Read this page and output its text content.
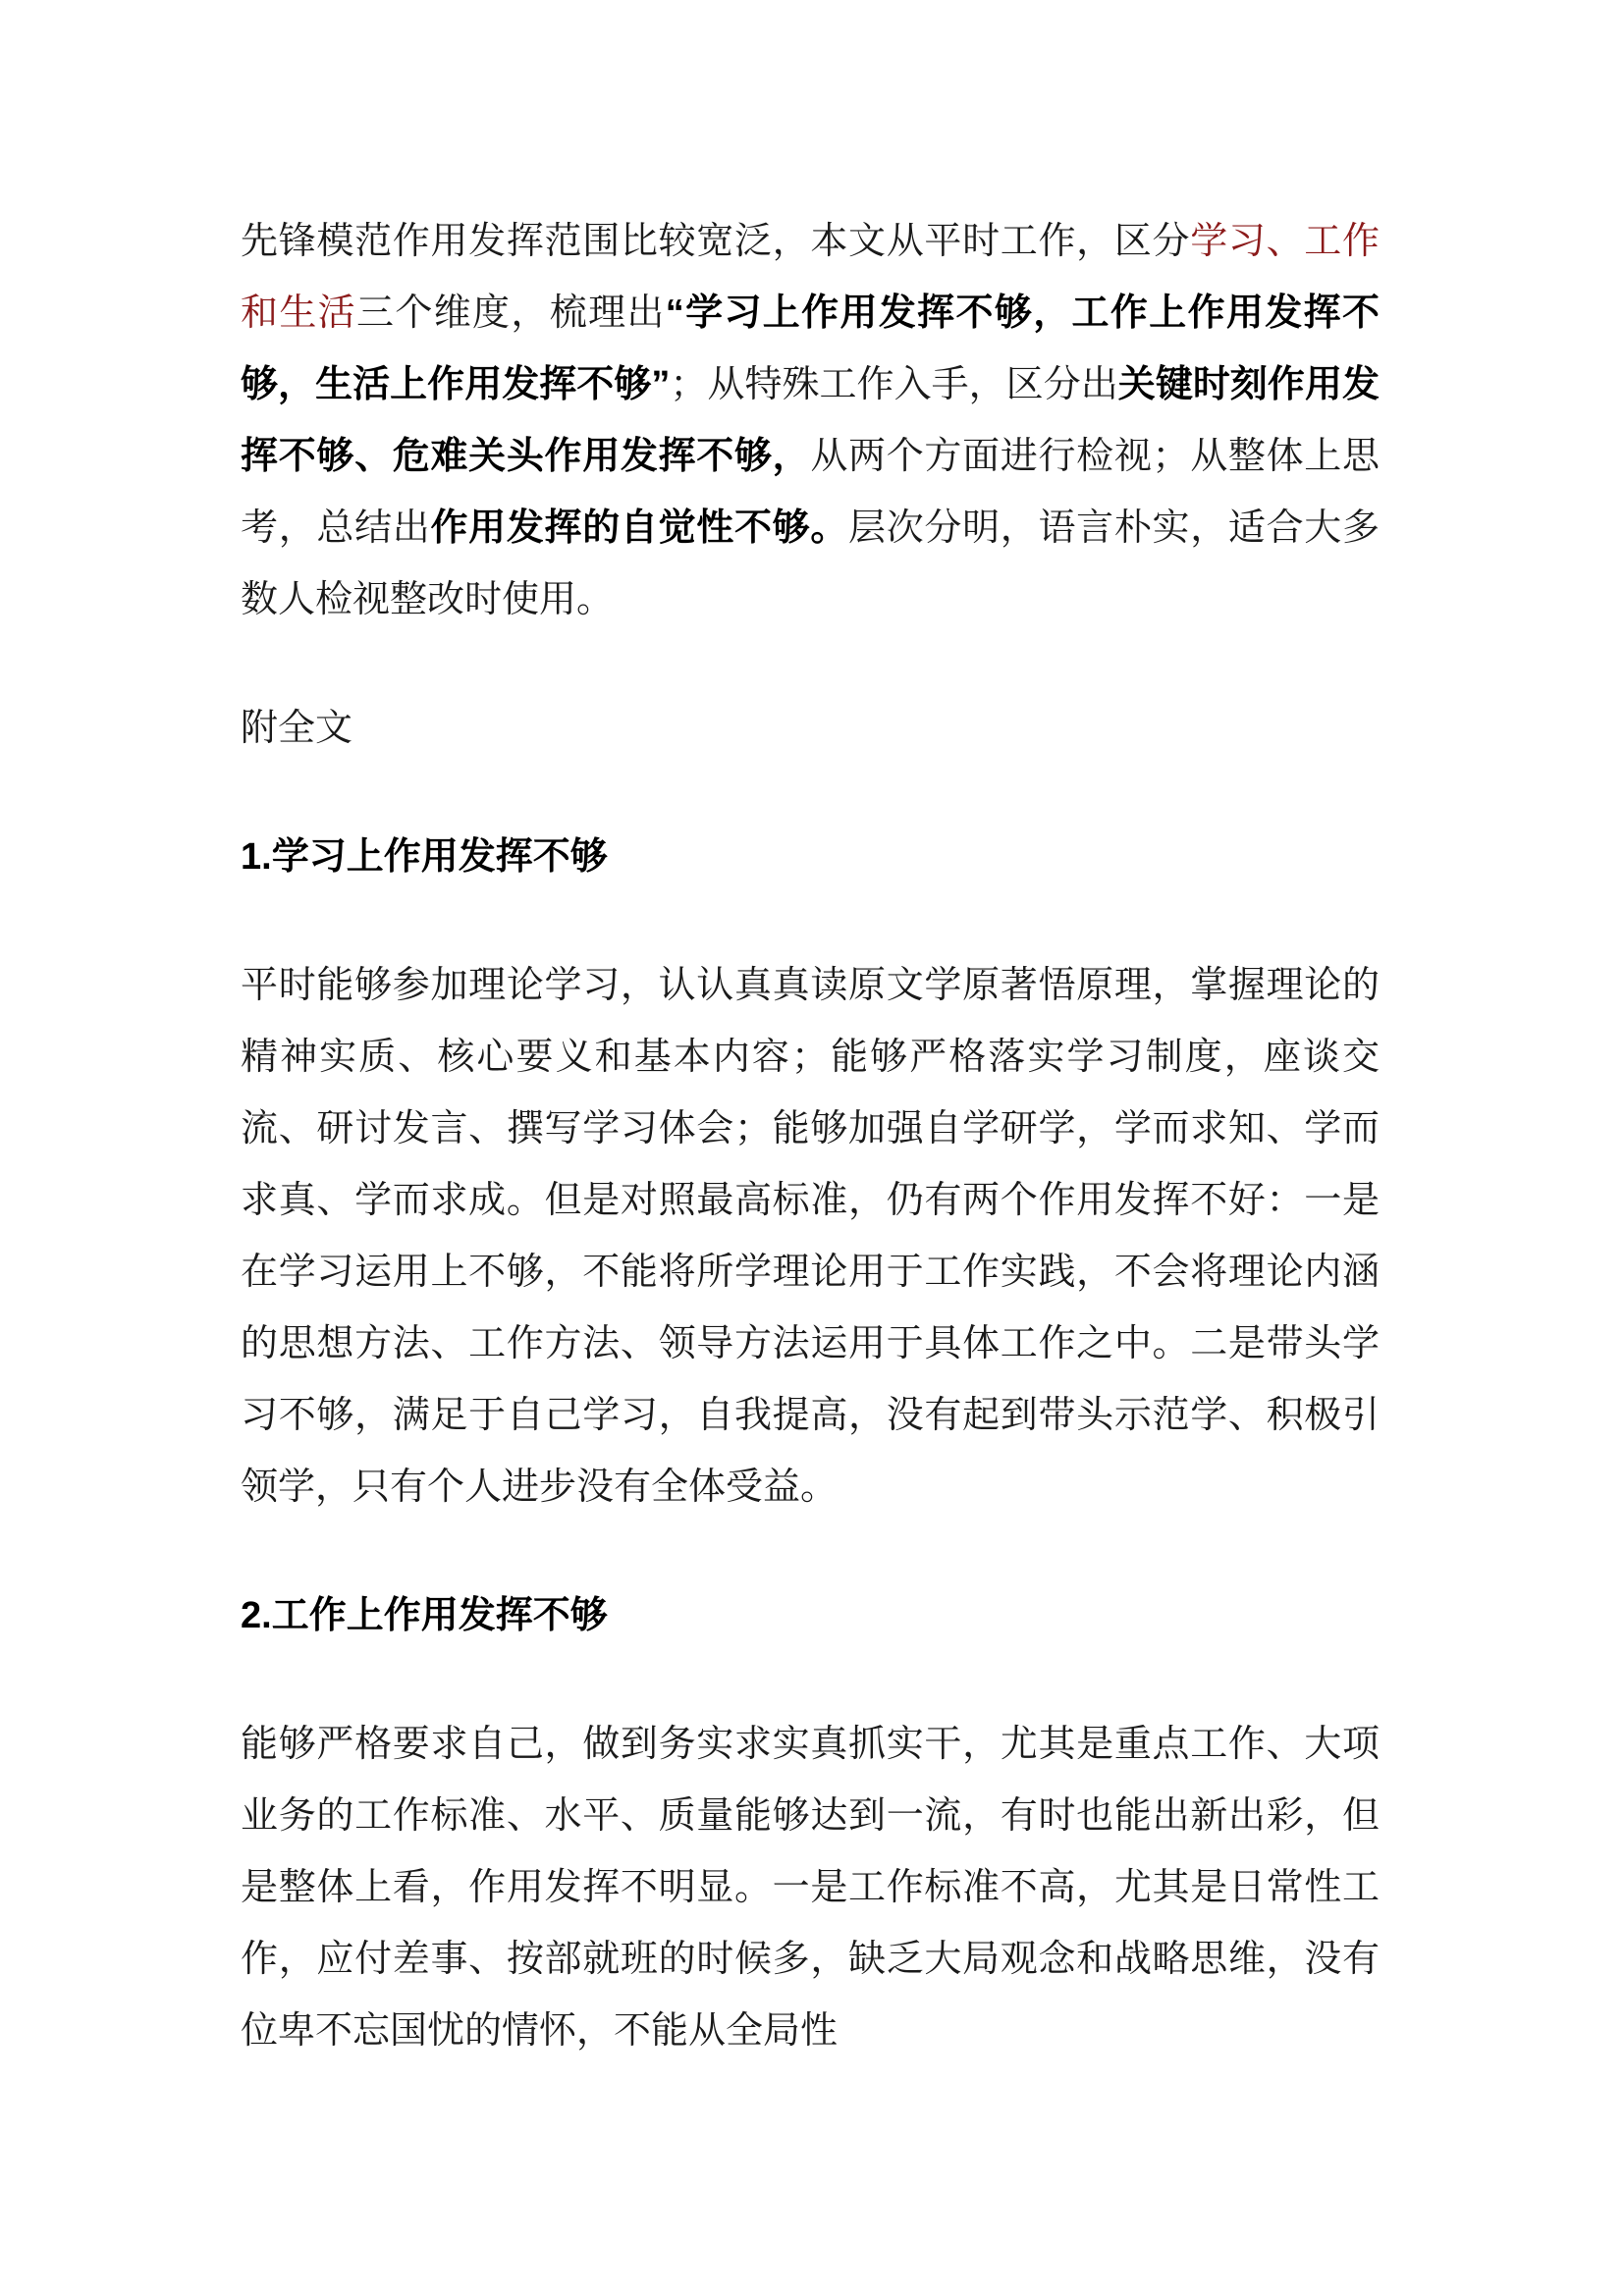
先锋模范作用发挥范围比较宽泛，本文从平时工作，区分学习、工作和生活三个维度，梳理出“学习上作用发挥不够，工作上作用发挥不够，生活上作用发挥不够”；从特殊工作入手，区分出关键时刻作用发挥不够、危难关头作用发挥不够，从两个方面进行检视；从整体上思考，总结出作用发挥的自觉性不够。层次分明，语言朴实，适合大多数人检视整改时使用。

附全文

1.学习上作用发挥不够

平时能够参加理论学习，认认真真读原文学原著悟原理，掌握理论的精神实质、核心要义和基本内容；能够严格落实学习制度，座谈交流、研讨发言、撰写学习体会；能够加强自学研学，学而求知、学而求真、学而求成。但是对照最高标准，仍有两个作用发挥不好：一是在学习运用上不够，不能将所学理论用于工作实践，不会将理论内涵的思想方法、工作方法、领导方法运用于具体工作之中。二是带头学习不够，满足于自己学习，自我提高，没有起到带头示范学、积极引领学，只有个人进步没有全体受益。

2.工作上作用发挥不够

能够严格要求自己，做到务实求实真抓实干，尤其是重点工作、大项业务的工作标准、水平、质量能够达到一流，有时也能出新出彩，但是整体上看，作用发挥不明显。一是工作标准不高，尤其是日常性工作，应付差事、按部就班的时候多，缺乏大局观念和战略思维，没有位卑不忘国忧的情怀，不能从全局性
